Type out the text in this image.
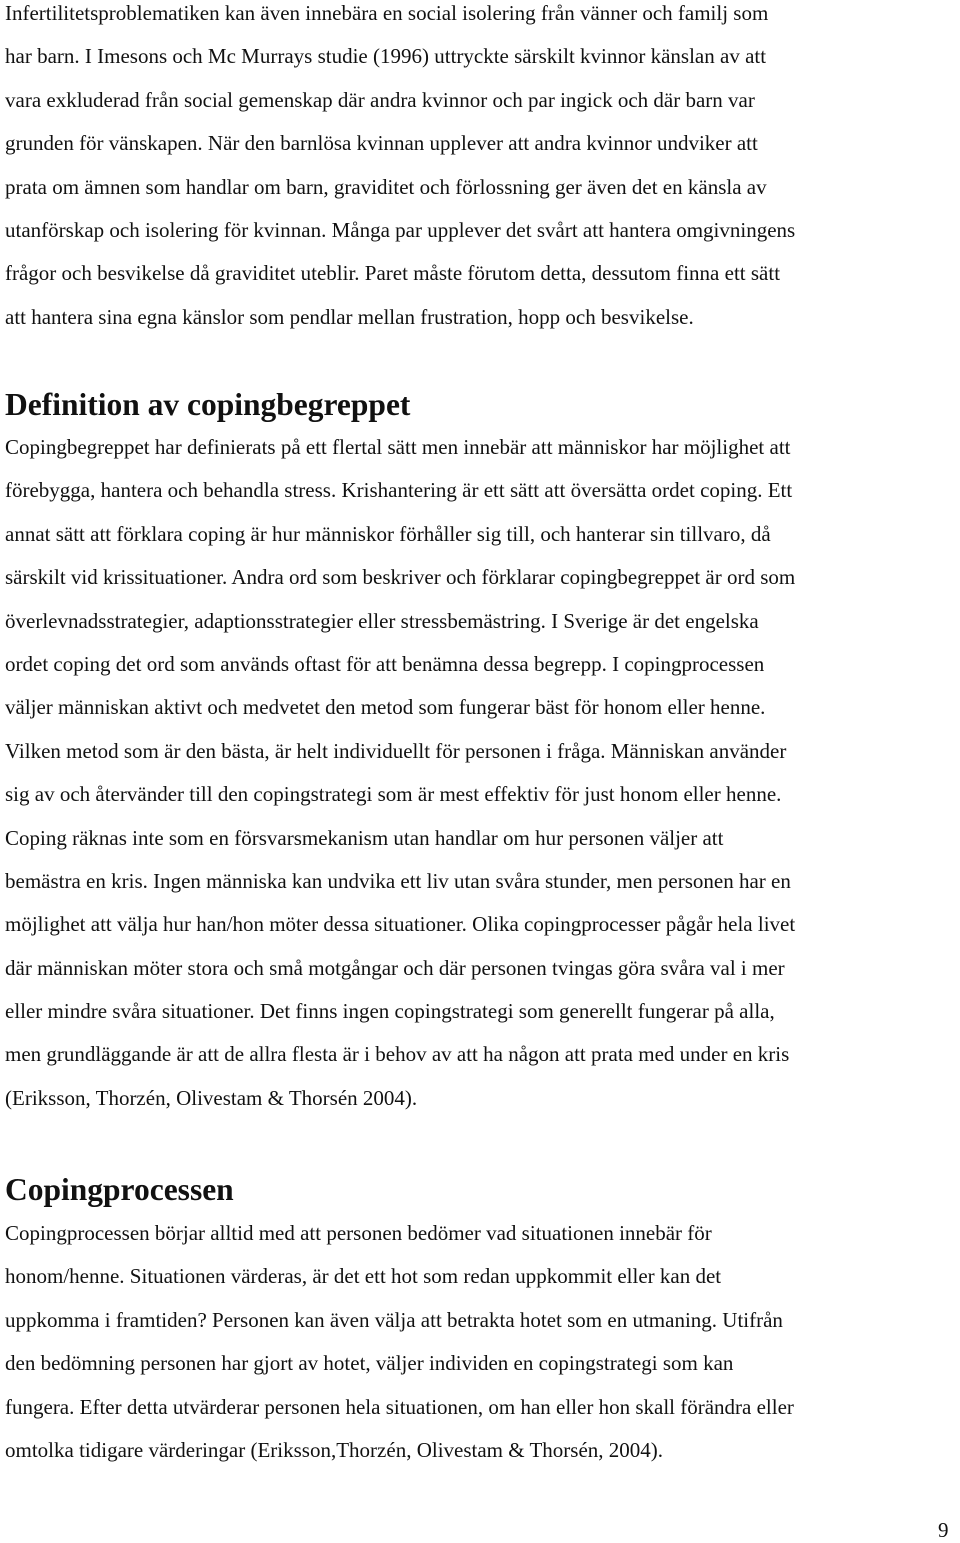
Infertilitetsproblematiken kan även innebära en social isolering från vänner och familj som
har barn. I Imesons och Mc Murrays studie (1996) uttryckte särskilt kvinnor känslan av att
vara exkluderad från social gemenskap där andra kvinnor och par ingick och där barn var
grunden för vänskapen. När den barnlösa kvinnan upplever att andra kvinnor undviker att
prata om ämnen som handlar om barn, graviditet och förlossning ger även det en känsla av
utanförskap och isolering för kvinnan. Många par upplever det svårt att hantera omgivningens
frågor och besvikelse då graviditet uteblir. Paret måste förutom detta, dessutom finna ett sätt
att hantera sina egna känslor som pendlar mellan frustration, hopp och besvikelse.
Definition av copingbegreppet
Copingbegreppet har definierats på ett flertal sätt men innebär att människor har möjlighet att
förebygga, hantera och behandla stress. Krishantering är ett sätt att översätta ordet coping. Ett
annat sätt att förklara coping är hur människor förhåller sig till, och hanterar sin tillvaro, då
särskilt vid krissituationer. Andra ord som beskriver och förklarar copingbegreppet är ord som
överlevnadsstrategier, adaptionsstrategier eller stressbemästring. I Sverige är det engelska
ordet coping det ord som används oftast för att benämna dessa begrepp. I copingprocessen
väljer människan aktivt och medvetet den metod som fungerar bäst för honom eller henne.
Vilken metod som är den bästa, är helt individuellt för personen i fråga. Människan använder
sig av och återvänder till den copingstrategi som är mest effektiv för just honom eller henne.
Coping räknas inte som en försvarsmekanism utan handlar om hur personen väljer att
bemästra en kris. Ingen människa kan undvika ett liv utan svåra stunder, men personen har en
möjlighet att välja hur han/hon möter dessa situationer. Olika copingprocesser pågår hela livet
där människan möter stora och små motgångar och där personen tvingas göra svåra val i mer
eller mindre svåra situationer. Det finns ingen copingstrategi som generellt fungerar på alla,
men grundläggande är att de allra flesta är i behov av att ha någon att prata med under en kris
(Eriksson, Thorzén, Olivestam & Thorsén 2004).
Copingprocessen
Copingprocessen börjar alltid med att personen bedömer vad situationen innebär för
honom/henne. Situationen värderas, är det ett hot som redan uppkommit eller kan det
uppkomma i framtiden? Personen kan även välja att betrakta hotet som en utmaning. Utifrån
den bedömning personen har gjort av hotet, väljer individen en copingstrategi som kan
fungera. Efter detta utvärderar personen hela situationen, om han eller hon skall förändra eller
omtolka tidigare värderingar (Eriksson,Thorzén, Olivestam & Thorsén, 2004).
9
